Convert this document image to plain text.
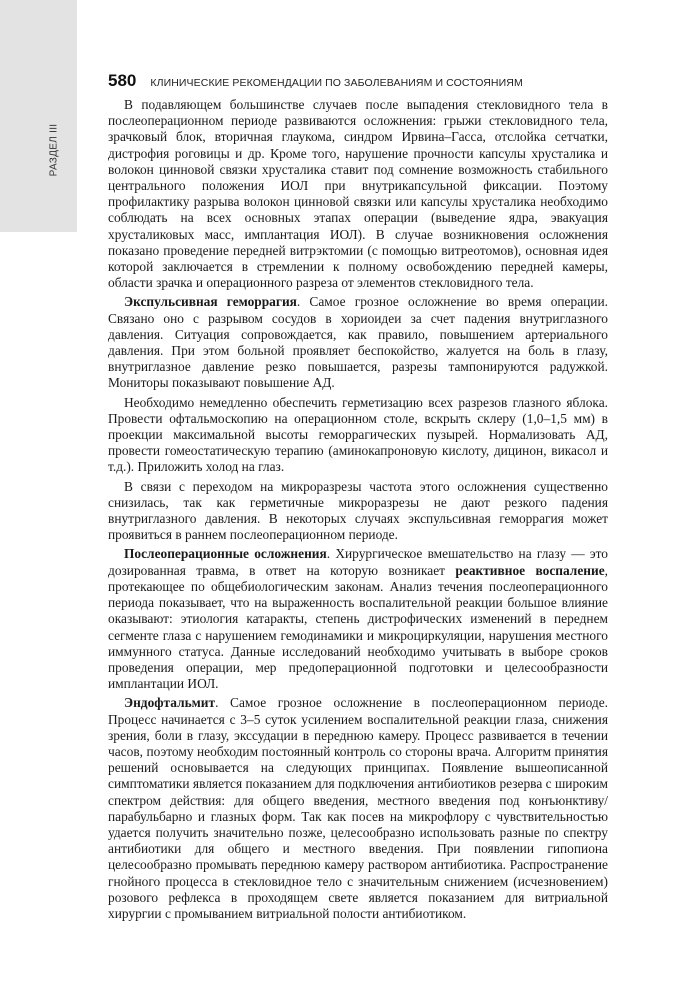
РАЗДЕЛ III
580 КЛИНИЧЕСКИЕ РЕКОМЕНДАЦИИ ПО ЗАБОЛЕВАНИЯМ И СОСТОЯНИЯМ

В подавляющем большинстве случаев после выпадения стекловидного тела в послеоперационном периоде развиваются осложнения: грыжи стекловидного тела, зрачковый блок, вторичная глаукома, синдром Ирвина–Гасса, отслойка сетчатки, дистрофия роговицы и др. Кроме того, нарушение прочности капсулы хрусталика и волокон цинновой связки хрусталика ставит под сомнение возможность стабильного центрального положения ИОЛ при внутрикапсульной фиксации. Поэтому профилактику разрыва волокон цинновой связки или капсулы хрусталика необходимо соблюдать на всех основных этапах операции (выведение ядра, эвакуация хрусталиковых масс, имплантация ИОЛ). В случае возникновения осложнения показано проведение передней витрэктомии (с помощью витреотомов), основная идея которой заключается в стремлении к полному освобождению передней камеры, области зрачка и операционного разреза от элементов стекловидного тела.

Экспульсивная геморрагия. Самое грозное осложнение во время операции. Связано оно с разрывом сосудов в хориоидеи за счет падения внутриглазного давления. Ситуация сопровождается, как правило, повышением артериального давления. При этом больной проявляет беспокойство, жалуется на боль в глазу, внутриглазное давление резко повышается, разрезы тампонируются радужкой. Мониторы показывают повышение АД.

Необходимо немедленно обеспечить герметизацию всех разрезов глазного яблока. Провести офтальмоскопию на операционном столе, вскрыть склеру (1,0–1,5 мм) в проекции максимальной высоты геморрагических пузырей. Нормализовать АД, провести гомеостатическую терапию (аминокапроновую кислоту, дицинон, викасол и т.д.). Приложить холод на глаз.

В связи с переходом на микроразрезы частота этого осложнения существенно снизилась, так как герметичные микроразрезы не дают резкого падения внутриглазного давления. В некоторых случаях экспульсивная геморрагия может проявиться в раннем послеоперационном периоде.

Послеоперационные осложнения. Хирургическое вмешательство на глазу — это дозированная травма, в ответ на которую возникает реактивное воспаление, протекающее по общебиологическим законам. Анализ течения послеоперационного периода показывает, что на выраженность воспалительной реакции большое влияние оказывают: этиология катаракты, степень дистрофических изменений в переднем сегменте глаза с нарушением гемодинамики и микроциркуляции, нарушения местного иммунного статуса. Данные исследований необходимо учитывать в выборе сроков проведения операции, мер предоперационной подготовки и целесообразности имплантации ИОЛ.

Эндофтальмит. Самое грозное осложнение в послеоперационном периоде. Процесс начинается с 3–5 суток усилением воспалительной реакции глаза, снижения зрения, боли в глазу, экссудации в переднюю камеру. Процесс развивается в течении часов, поэтому необходим постоянный контроль со стороны врача. Алгоритм принятия решений основывается на следующих принципах. Появление вышеописанной симптоматики является показанием для подключения антибиотиков резерва с широким спектром действия: для общего введения, местного введения под конъюнктиву/парабульбарно и глазных форм. Так как посев на микрофлору с чувствительностью удается получить значительно позже, целесообразно использовать разные по спектру антибиотики для общего и местного введения. При появлении гипопиона целесообразно промывать переднюю камеру раствором антибиотика. Распространение гнойного процесса в стекловидное тело с значительным снижением (исчезновением) розового рефлекса в проходящем свете является показанием для витриальной хирургии с промыванием витриальной полости антибиотиком.
